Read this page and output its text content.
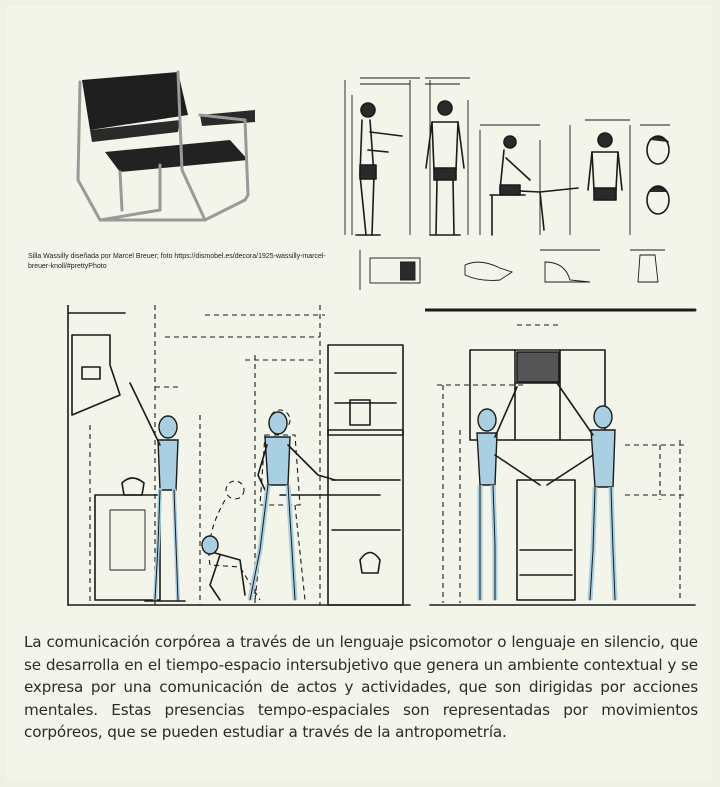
Silla Wassilly diseñada por Marcel Breuer; foto https://dismobel.es/decora/1925-wassilly-marcel-breuer-knoll/#prettyPhoto
La comunicación corpórea a través de un lenguaje psicomotor o lenguaje en silencio, que se desarrolla en el tiempo-espacio intersubjetivo que genera un ambiente contextual y se expresa por una comunicación de actos y actividades, que son dirigidas por acciones mentales. Estas presencias tempo-espaciales son representadas por movimientos corpóreos, que se pueden estudiar a través de la antropometría.
